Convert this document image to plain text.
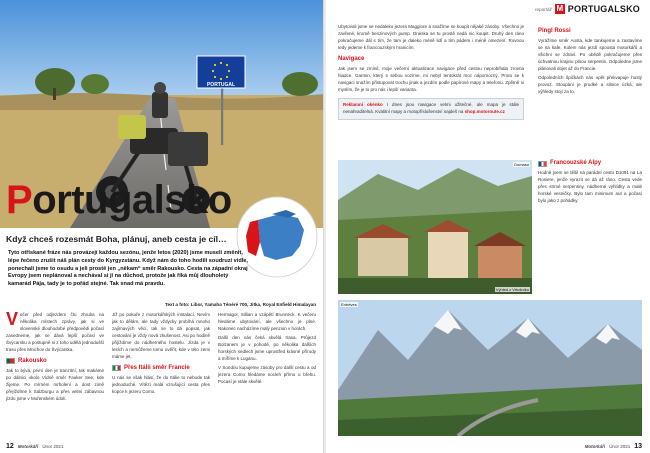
PORTUGAL
Portugalsko
Když chceš rozesmát Boha, plánuj, aneb cesta je cíl…
Tyto otřískané fráze nás provázejí každou sezónu, jenže letos (2020) jsme museli změnit, lépe řečeno zrušit náš plán cesty do Kyrgyzstánu. Když nám do toho hodili soudruzi vidle, ponechali jsme to osudu a jeli prostě jen „někam“ směr Rakousko. Cesta na západní okraj Evropy jsem neplánoval a nechával si ji na důchod, protože jak říká můj dlouholetý kamarád Pája, tady je to pořád stejné. Tak snad má pravdu.
Text a foto: Libor, Yamaha Ténéré 700, Jitka, Royal Enfield Himalayan

Večer před odjezdem čtu zhruba na několika místech zprávy, jak si ve slovenské dlouhodobé předpovědi počasí zasedneme, jak se dává lepší počasí ve Švýcarsku a postupně si z toho udělá jednodušší trasu přes Mnichov do Švýcarska.

Rakousko

Jak to bývá, první den je tranzitní, tak makáme po dálnici okolo Vídně směr Fauker See, kde žijeme. Po mírném mrholení a dost zimě přejíždíme k Salzburgu a přes velmi zábavnou jízdu jsme v Mořenském údolí.

Již po pokuře z motorkářských instalací. Nevím jak to dělám, ale tady vždycky probíhá mnoho zajímavých věcí, tak se to dá popsat, jak cestování je vždy nová zkušenost. Asi po hodině přijíždíme do nádherného hostelu. Jízda je v lesích a nemůžeme tomu uvěřit, kde v této zemi máme jet.

Přes Itálii směr Francie

U nás se však hlásí, že do Itálie to nebude tak jednoduché. Vítězí malá vzrušující cesta přes kopce k jezeru Como.

Hermagor, Sillian a vzápětí Brunneck. K večeru hledáme ubytování, ale všechno je plné. Nakonec nacházíme malý penzion v horách.

Další den nás čeká skvělá trasa. Průjezd Bolzanem je v pohodě, po několika dalších horských sedlech jsme uprostřed krásné přírody a míříme k Luganu.

V Sondriu kupujeme zásoby pro další cestu a od jezera Como hledáme nocleh přímo u břehu. Pocasí je stále skvělé.

12 Motorkáři Únor 2021
reportáž M PORTUGALSKO

Ubytovali jsme se nedaleko jezera Maggiore a snažíme se koupit nějaké zásoby. Všechno je zavřené, kromě benzinových pump. Dneska se tu prostě nedá nic koupit. Druhý den ráno pokračujeme dál s tím, že tam je daleko méně lidí a tím pádem i méně omezení. Rovnou tedy jedeme k francouzským hranicím.

Navigace

Jak jsem se zmínil, moje večerní aktualizace navigace před cestou neprobíhala zrovna hladce. Garmin, který s sebou vozíme, mi nebyl tentokrát moc nápomocný. Proto se k navigaci snažím přistupovat trochu jinak a jezdím podle papírové mapy a telefonu. Zpětně si myslím, že je to pro nás i lepší varianta.

Reklamní okénko I dnes jsou navigace velmi užitečné, ale mapa je stále nenahraditelná. Kvalitní mapy a motopříslušenství najdeš na shop.motoroute.cz
Pingl Rossi

Vyrážíme směr Aosta, kde tankujeme a zastavíme se na kafe. Kolem nás jezdí spousta motorkářů a všichni se zdraví. Po obědě pokračujeme přes úchvatnou krajinu plnou serpentin. Odpoledne jsme plánovali dojet až do Francie.

Odpoledních špičkách nás opět překvapuje hustý provoz. Stoupání je prudké a silnice úzká, ale výhledy stojí za to.

Francouzské Alpy

Hodně jsem se těšil na parádní cestu D1091 na La Rosiere, jenže vyrazit se dá až ráno. Cesta vede přes strmé serpentiny, nádherné vyhlídky a malé horské vesničky. Bylo tam minimum aut a počasí bylo jako z pohádky.

Domaso
Výhled z Vrtošníku
Entrèves
Motorkáři Únor 2021 13
